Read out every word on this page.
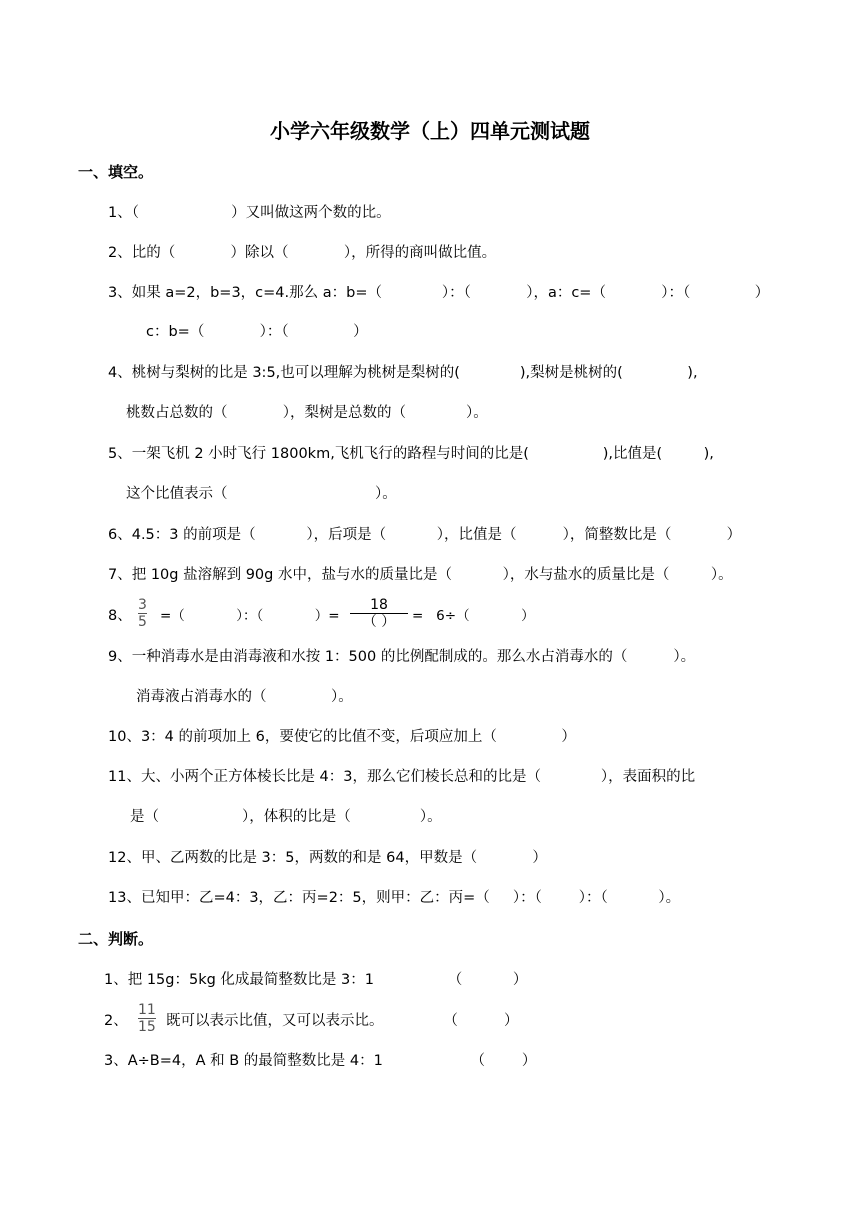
小学六年级数学（上）四单元测试题
一、填空。
1、（                    ）又叫做这两个数的比。
2、比的（            ）除以（            ），所得的商叫做比值。
3、如果 a=2，b=3，c=4.那么 a：b=（             ）：（            ），a：c=（            ）：（              ）
c：b=（            ）：（              ）
4、桃树与梨树的比是 3:5,也可以理解为桃树是梨树的(             ),梨树是桃树的(              ),
桃数占总数的（            ），梨树是总数的（             ）。
5、一架飞机 2 小时飞行 1800km,飞机飞行的路程与时间的比是(                ),比值是(         ),
这个比值表示（                                ）。
6、4.5：3 的前项是（           ），后项是（           ），比值是（          ），简整数比是（            ）
7、把 10g 盐溶解到 90g 水中，盐与水的质量比是（           ），水与盐水的质量比是（         ）。
8、
3
5 =（            ）：（            ）=
18
（ ） =   6÷（            ）
9、一种消毒水是由消毒液和水按 1：500 的比例配制成的。那么水占消毒水的（          ）。
消毒液占消毒水的（              ）。
10、3：4 的前项加上 6，要使它的比值不变，后项应加上（              ）
11、大、小两个正方体棱长比是 4：3，那么它们棱长总和的比是（             ），表面积的比
是（                  ），体积的比是（               ）。
12、甲、乙两数的比是 3：5，两数的和是 64，甲数是（            ）
13、已知甲：乙=4：3，乙：丙=2：5，则甲：乙：丙=（     ）：（        ）：（           ）。
二、判断。
1、把 15g：5kg 化成最简整数比是 3：1                （           ）
2、
11
15 既可以表示比值，又可以表示比。             （          ）
3、A÷B=4，A 和 B 的最简整数比是 4：1                   （        ）
